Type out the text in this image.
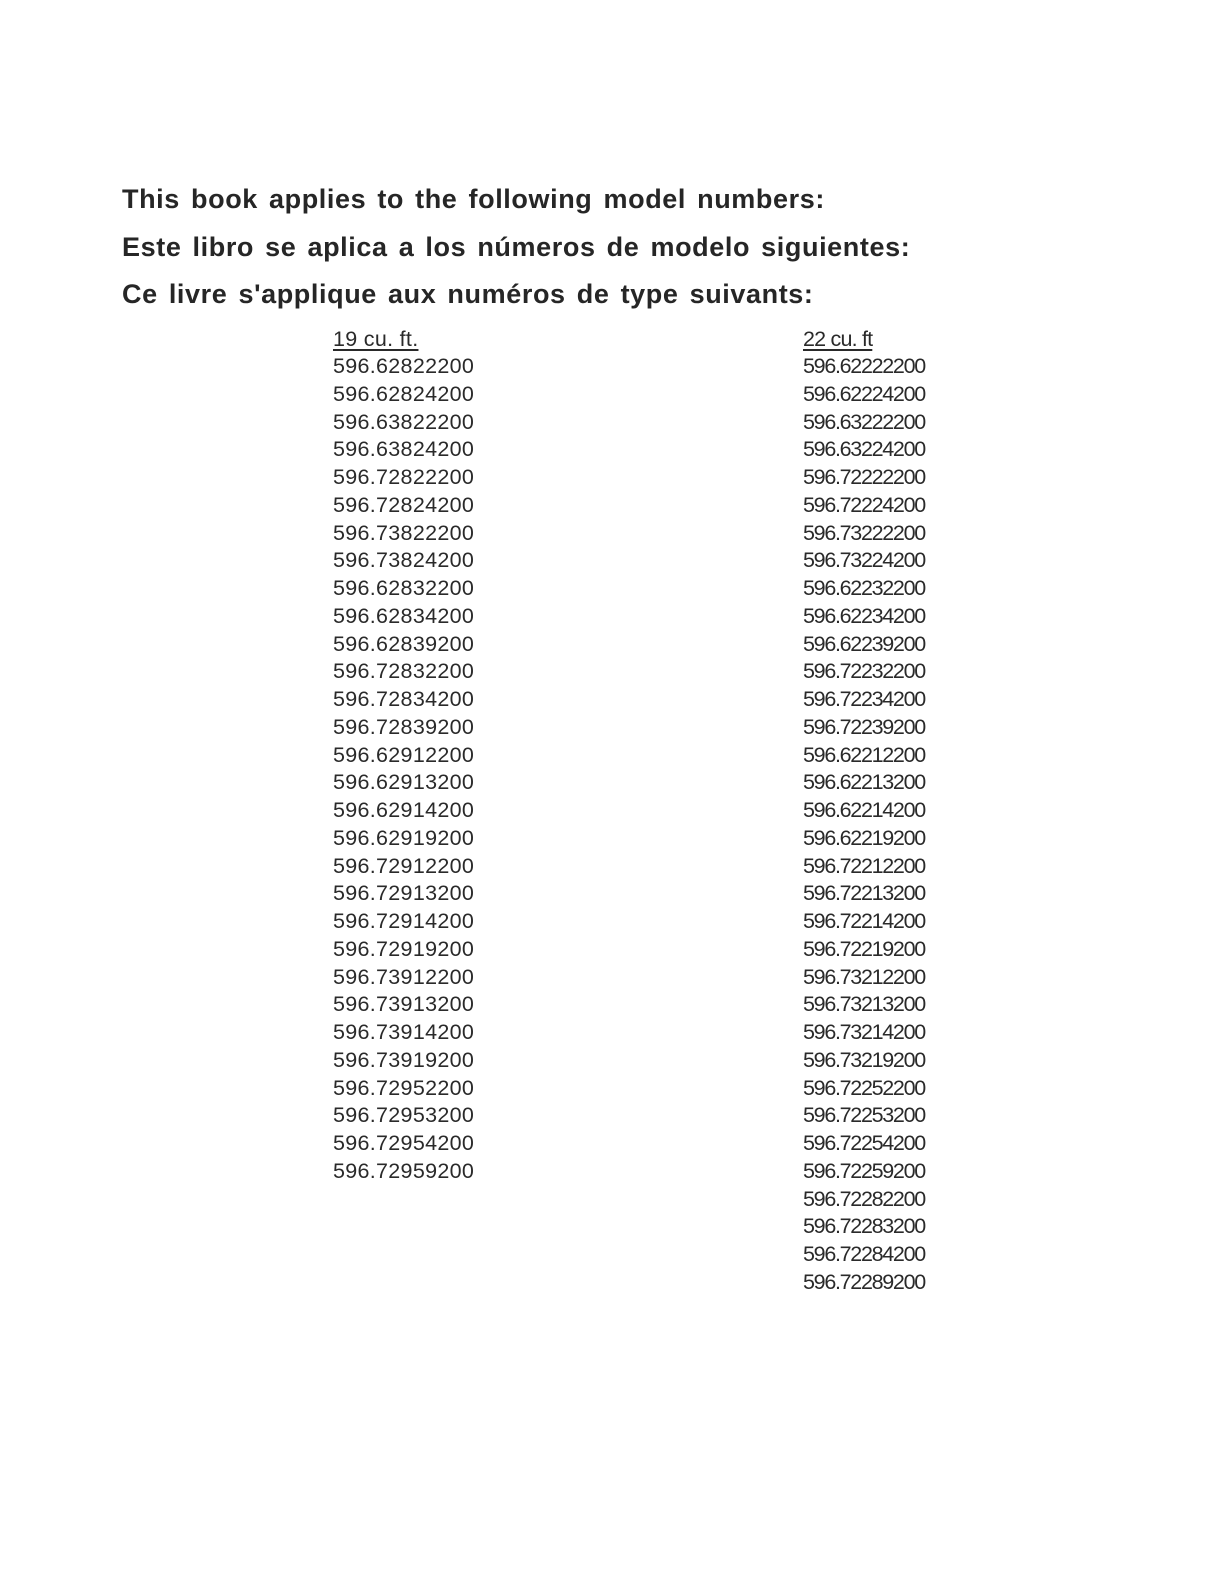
This book applies to the following model numbers:

Este libro se aplica a los números de modelo siguientes:

Ce livre s'applique aux numéros de type suivants:

19 cu. ft.
596.62822200
596.62824200
596.63822200
596.63824200
596.72822200
596.72824200
596.73822200
596.73824200
596.62832200
596.62834200
596.62839200
596.72832200
596.72834200
596.72839200
596.62912200
596.62913200
596.62914200
596.62919200
596.72912200
596.72913200
596.72914200
596.72919200
596.73912200
596.73913200
596.73914200
596.73919200
596.72952200
596.72953200
596.72954200
596.72959200
22 cu. ft
596.62222200
596.62224200
596.63222200
596.63224200
596.72222200
596.72224200
596.73222200
596.73224200
596.62232200
596.62234200
596.62239200
596.72232200
596.72234200
596.72239200
596.62212200
596.62213200
596.62214200
596.62219200
596.72212200
596.72213200
596.72214200
596.72219200
596.73212200
596.73213200
596.73214200
596.73219200
596.72252200
596.72253200
596.72254200
596.72259200
596.72282200
596.72283200
596.72284200
596.72289200
